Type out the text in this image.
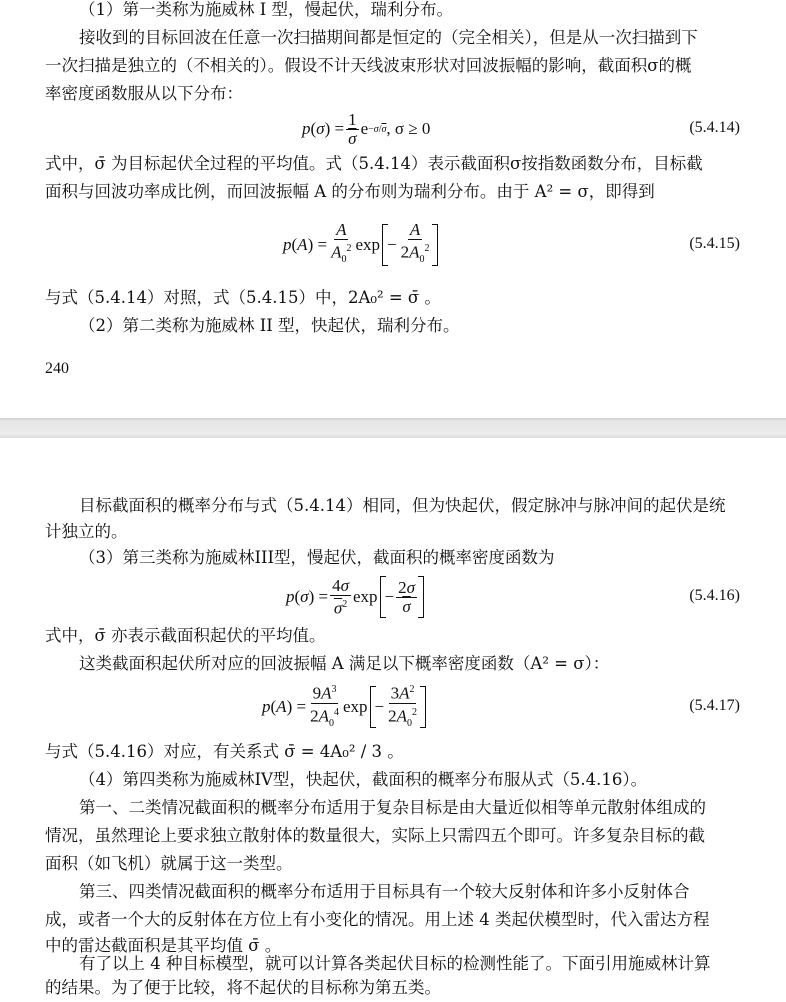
（1）第一类称为施威林 I 型，慢起伏，瑞利分布。
接收到的目标回波在任意一次扫描期间都是恒定的（完全相关），但是从一次扫描到下
一次扫描是独立的（不相关的）。假设不计天线波束形状对回波振幅的影响，截面积σ的概
率密度函数服从以下分布：
p ( σ ) = $\frac{1}{\sigma}$ $e -\sigma/\overline{\sigma}$ , σ ≥ 0	(5.4.14)
式中，σ̄ 为目标起伏全过程的平均值。式（5.4.14）表示截面积σ按指数函数分布，目标截
面积与回波功率成比例，而回波振幅 A 的分布则为瑞利分布。由于 A² = σ，即得到
p ( A ) = $\frac{A}{A_0^2}$ $\exp - \frac{A}{2A_0^2}$	(5.4.15)
与式（5.4.14）对照，式（5.4.15）中，2A₀² = σ̄ 。
（2）第二类称为施威林 II 型，快起伏，瑞利分布。
240
目标截面积的概率分布与式（5.4.14）相同，但为快起伏，假定脉冲与脉冲间的起伏是统
计独立的。
（3）第三类称为施威林III型，慢起伏，截面积的概率密度函数为
p ( σ ) = $\frac{4\sigma}{\overline{\sigma}^2}$ $\exp - \frac{2\sigma}{\sigma}$	(5.4.16)
式中，σ̄ 亦表示截面积起伏的平均值。
这类截面积起伏所对应的回波振幅 A 满足以下概率密度函数（A² = σ）：
p ( A ) = $\frac{9A^3}{2A_0^4}$ $\exp - \frac{3A^2}{2A_0^2}$	(5.4.17)
与式（5.4.16）对应，有关系式 σ̄ = 4A₀² / 3 。
（4）第四类称为施威林IV型，快起伏，截面积的概率分布服从式（5.4.16）。
第一、二类情况截面积的概率分布适用于复杂目标是由大量近似相等单元散射体组成的
情况，虽然理论上要求独立散射体的数量很大，实际上只需四五个即可。许多复杂目标的截
面积（如飞机）就属于这一类型。
第三、四类情况截面积的概率分布适用于目标具有一个较大反射体和许多小反射体合
成，或者一个大的反射体在方位上有小变化的情况。用上述 4 类起伏模型时，代入雷达方程
中的雷达截面积是其平均值 σ̄ 。
有了以上 4 种目标模型，就可以计算各类起伏目标的检测性能了。下面引用施威林计算
的结果。为了便于比较，将不起伏的目标称为第五类。
